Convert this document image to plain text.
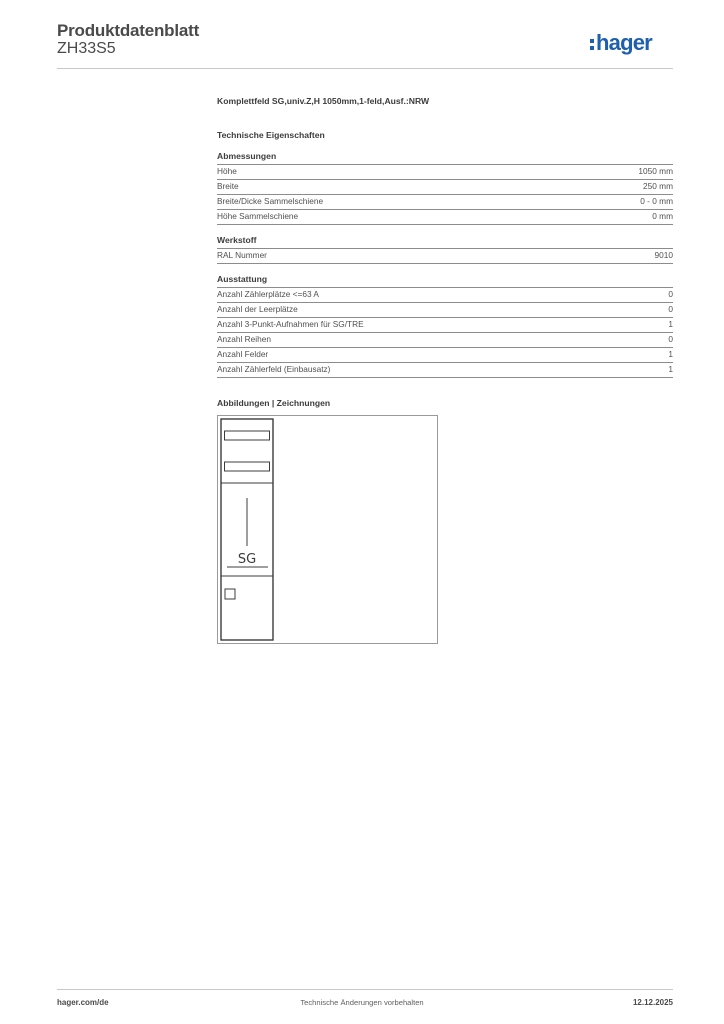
Produktdatenblatt
ZH33S5	hager
Komplettfeld SG,univ.Z,H 1050mm,1-feld,Ausf.:NRW
Technische Eigenschaften
Abmessungen
Höhe	1050 mm
Breite	250 mm
Breite/Dicke Sammelschiene	0 - 0 mm
Höhe Sammelschiene	0 mm
Werkstoff
RAL Nummer	9010
Ausstattung
Anzahl Zählerplätze <=63 A	0
Anzahl der Leerplätze	0
Anzahl 3-Punkt-Aufnahmen für SG/TRE	1
Anzahl Reihen	0
Anzahl Felder	1
Anzahl Zählerfeld (Einbausatz)	1
Abbildungen | Zeichnungen
SG
hager.com/de	Technische Änderungen vorbehalten	12.12.2025
